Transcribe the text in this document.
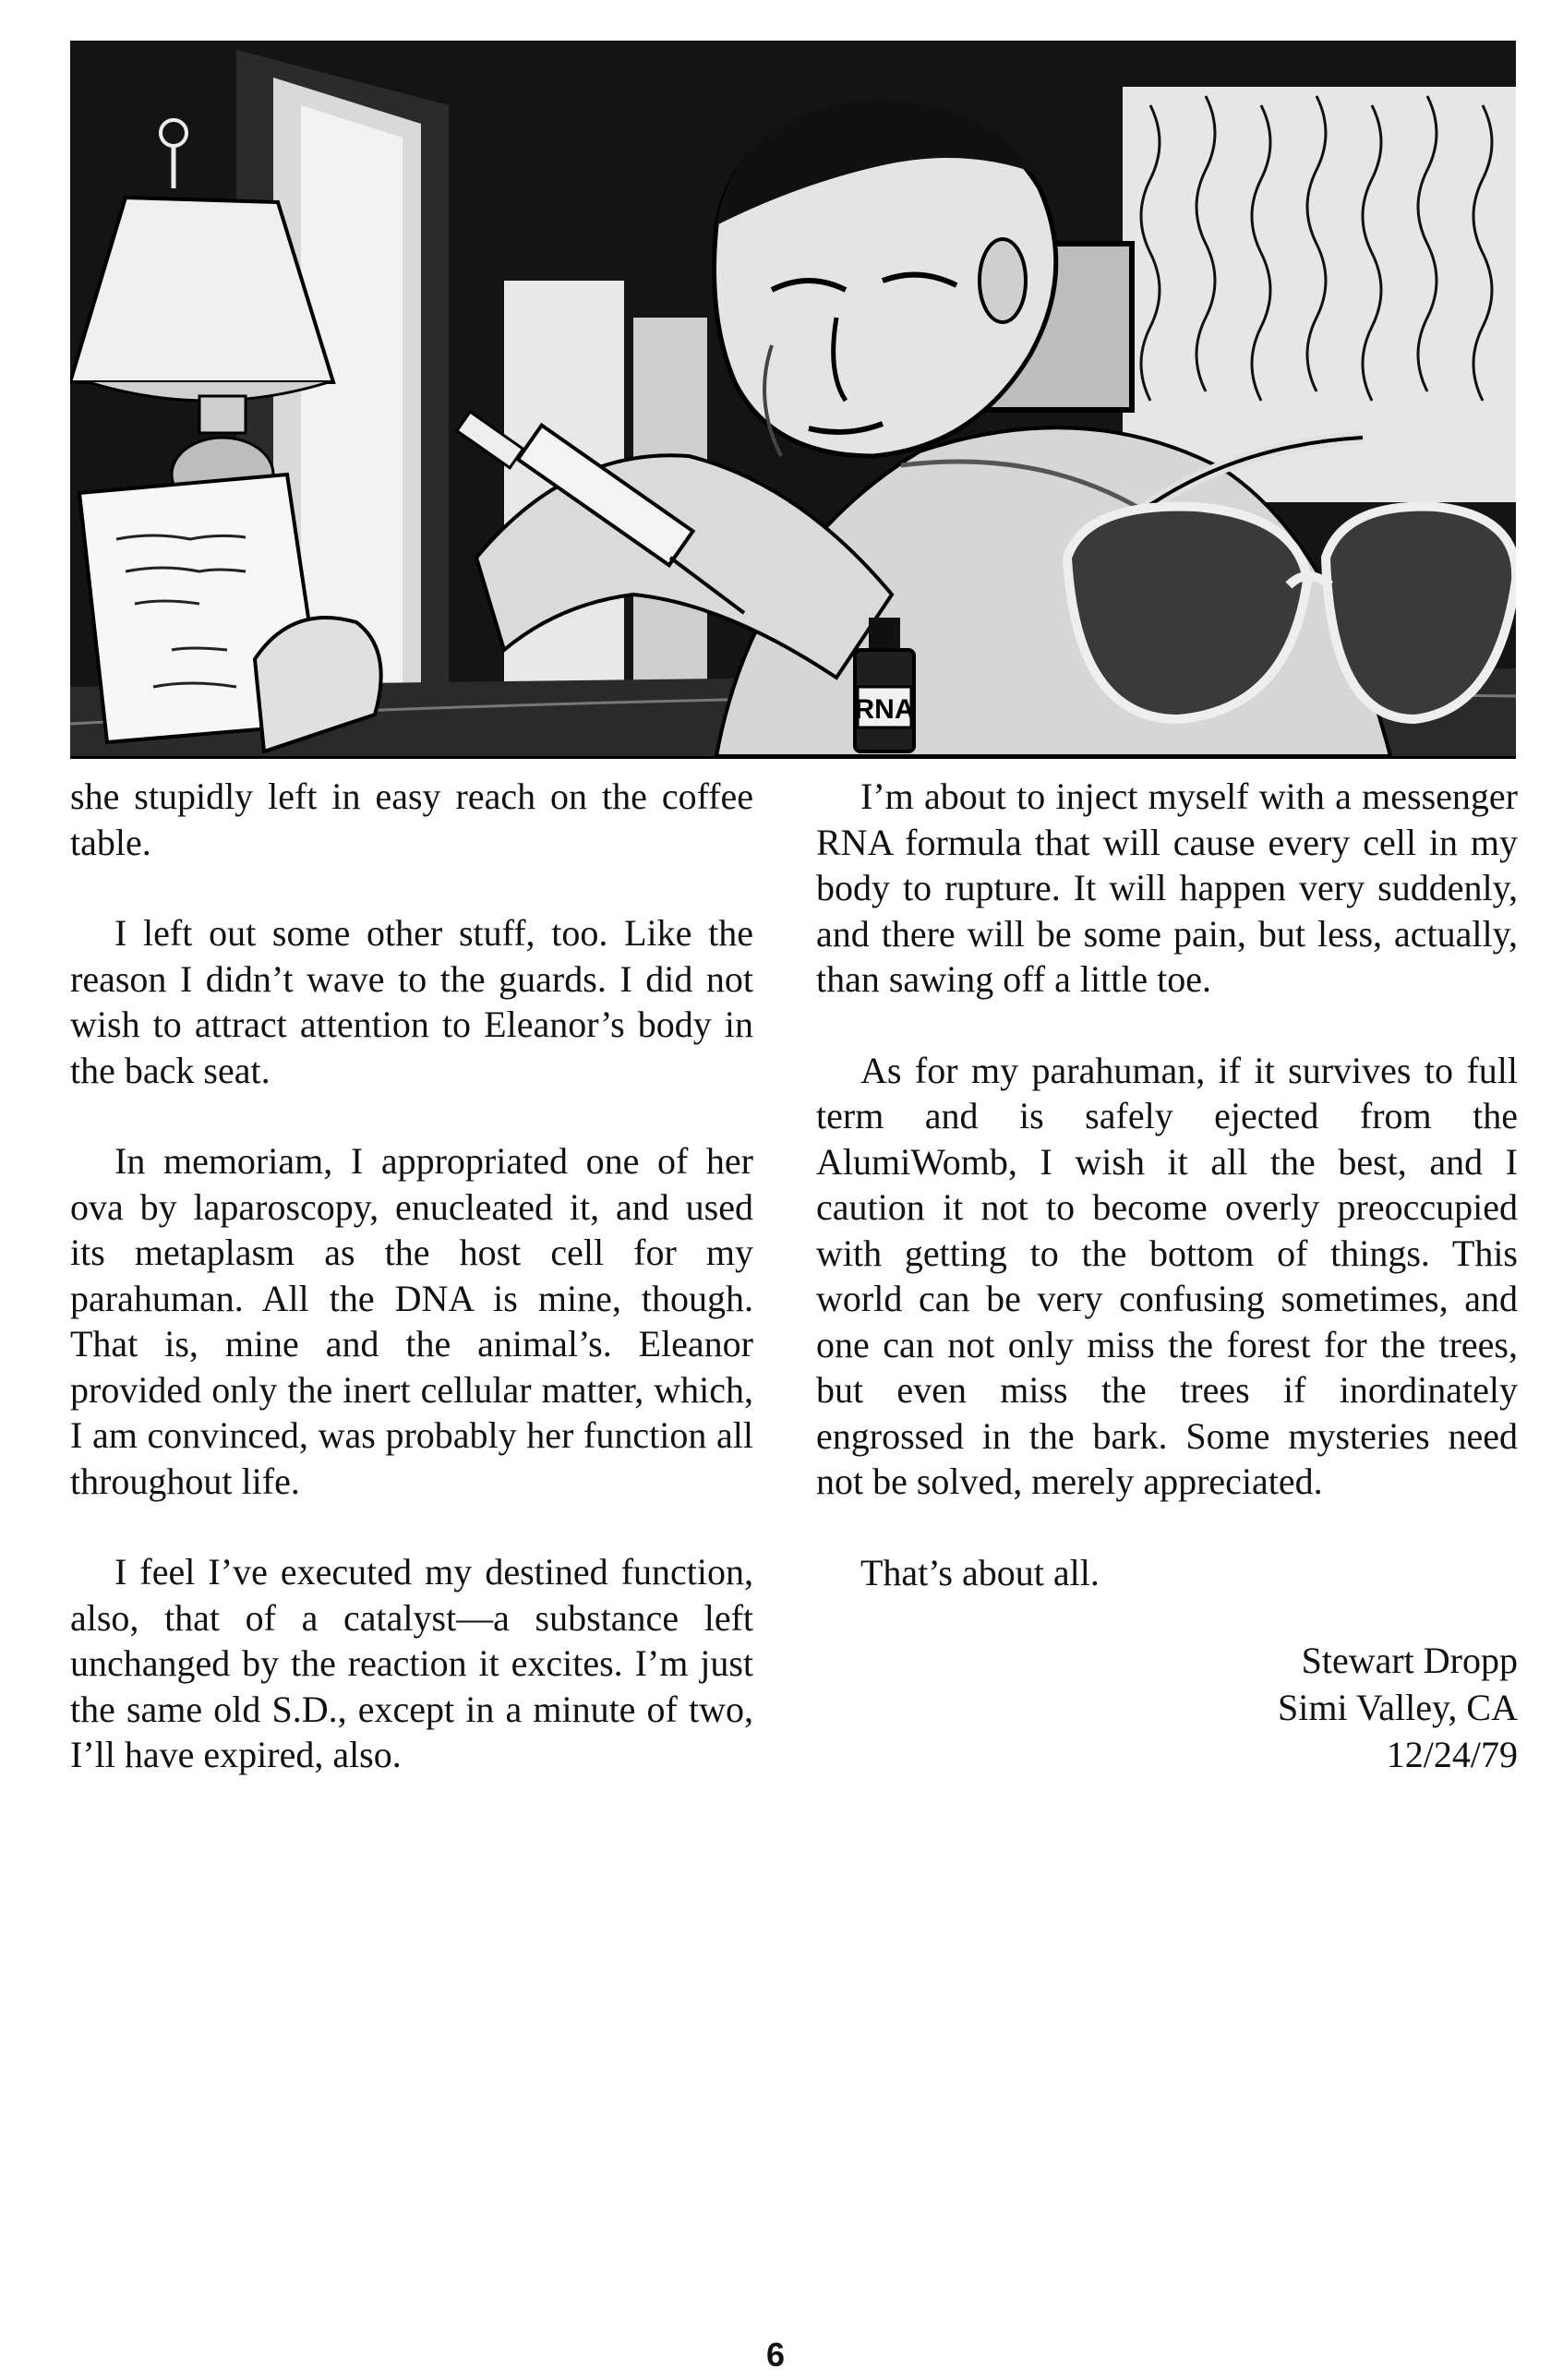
RNA

she stupidly left in easy reach on the coffee table.

I left out some other stuff, too. Like the reason I didn’t wave to the guards. I did not wish to attract attention to Eleanor’s body in the back seat.

In memoriam, I appropriated one of her ova by laparoscopy, enucleated it, and used its metaplasm as the host cell for my parahuman. All the DNA is mine, though. That is, mine and the animal’s. Eleanor provided only the inert cellular matter, which, I am convinced, was probably her function all throughout life.

I feel I’ve executed my destined function, also, that of a catalyst—a substance left unchanged by the reaction it excites. I’m just the same old S.D., except in a minute of two, I’ll have expired, also.

I’m about to inject myself with a messenger RNA formula that will cause every cell in my body to rupture. It will happen very suddenly, and there will be some pain, but less, actually, than sawing off a little toe.

As for my parahuman, if it survives to full term and is safely ejected from the AlumiWomb, I wish it all the best, and I caution it not to become overly preoccupied with getting to the bottom of things. This world can be very confusing sometimes, and one can not only miss the forest for the trees, but even miss the trees if inordinately engrossed in the bark. Some mysteries need not be solved, merely appreciated.

That’s about all.

Stewart Dropp
Simi Valley, CA
12/24/79
6
